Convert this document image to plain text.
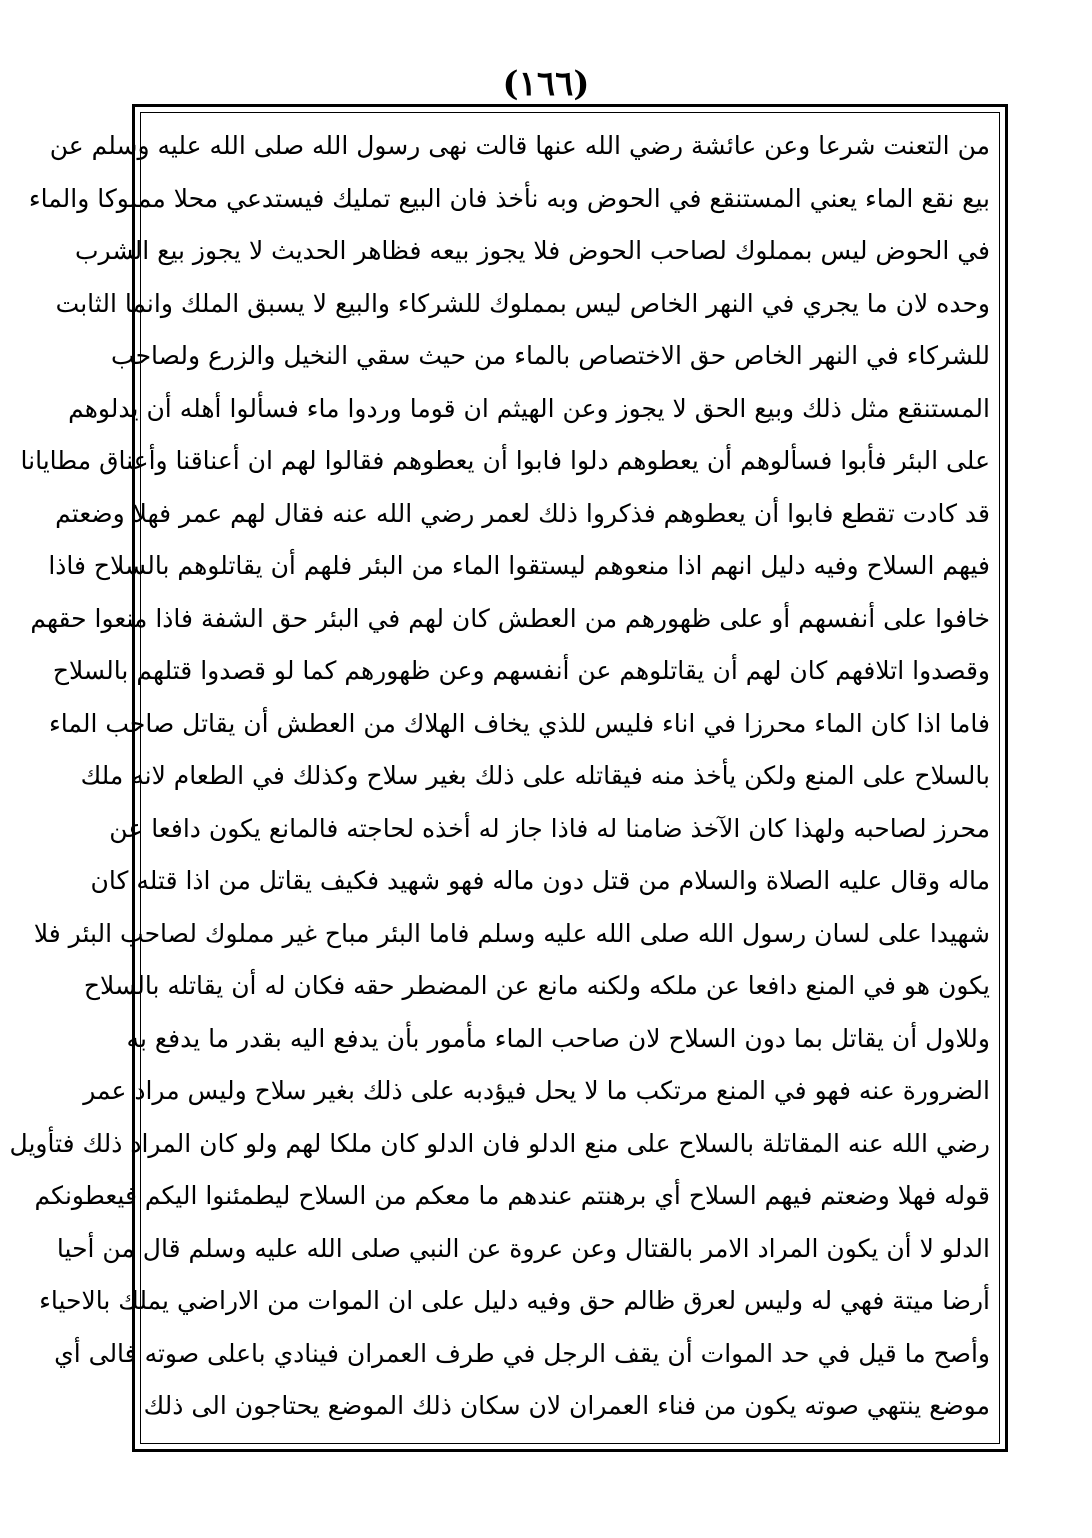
(١٦٦)
من التعنت شرعا وعن عائشة رضي الله عنها قالت نهى رسول الله صلى الله عليه وسلم عن
بيع نقع الماء يعني المستنقع في الحوض وبه نأخذ فان البيع تمليك فيستدعي محلا مملوكا والماء
في الحوض ليس بمملوك لصاحب الحوض فلا يجوز بيعه فظاهر الحديث لا يجوز بيع الشرب
وحده لان ما يجري في النهر الخاص ليس بمملوك للشركاء والبيع لا يسبق الملك وانما الثابت
للشركاء في النهر الخاص حق الاختصاص بالماء من حيث سقي النخيل والزرع ولصاحب
المستنقع مثل ذلك وبيع الحق لا يجوز وعن الهيثم ان قوما وردوا ماء فسألوا أهله أن يدلوهم
على البئر فأبوا فسألوهم أن يعطوهم دلوا فابوا أن يعطوهم فقالوا لهم ان أعناقنا وأعناق مطايانا
قد كادت تقطع فابوا أن يعطوهم فذكروا ذلك لعمر رضي الله عنه فقال لهم عمر فهلا وضعتم
فيهم السلاح وفيه دليل انهم اذا منعوهم ليستقوا الماء من البئر فلهم أن يقاتلوهم بالسلاح فاذا
خافوا على أنفسهم أو على ظهورهم من العطش كان لهم في البئر حق الشفة فاذا منعوا حقهم
وقصدوا اتلافهم كان لهم أن يقاتلوهم عن أنفسهم وعن ظهورهم كما لو قصدوا قتلهم بالسلاح
فاما اذا كان الماء محرزا في اناء فليس للذي يخاف الهلاك من العطش أن يقاتل صاحب الماء
بالسلاح على المنع ولكن يأخذ منه فيقاتله على ذلك بغير سلاح وكذلك في الطعام لانه ملك
محرز لصاحبه ولهذا كان الآخذ ضامنا له فاذا جاز له أخذه لحاجته فالمانع يكون دافعا عن
ماله وقال عليه الصلاة والسلام من قتل دون ماله فهو شهيد فكيف يقاتل من اذا قتله كان
شهيدا على لسان رسول الله صلى الله عليه وسلم فاما البئر مباح غير مملوك لصاحب البئر فلا
يكون هو في المنع دافعا عن ملكه ولكنه مانع عن المضطر حقه فكان له أن يقاتله بالسلاح
وللاول أن يقاتل بما دون السلاح لان صاحب الماء مأمور بأن يدفع اليه بقدر ما يدفع به
الضرورة عنه فهو في المنع مرتكب ما لا يحل فيؤدبه على ذلك بغير سلاح وليس مراد عمر
رضي الله عنه المقاتلة بالسلاح على منع الدلو فان الدلو كان ملكا لهم ولو كان المراد ذلك فتأويل
قوله فهلا وضعتم فيهم السلاح أي برهنتم عندهم ما معكم من السلاح ليطمئنوا اليكم فيعطونكم
الدلو لا أن يكون المراد الامر بالقتال وعن عروة عن النبي صلى الله عليه وسلم قال من أحيا
أرضا ميتة فهي له وليس لعرق ظالم حق وفيه دليل على ان الموات من الاراضي يملك بالاحياء
وأصح ما قيل في حد الموات أن يقف الرجل في طرف العمران فينادي باعلى صوته فالى أي
موضع ينتهي صوته يكون من فناء العمران لان سكان ذلك الموضع يحتاجون الى ذلك
